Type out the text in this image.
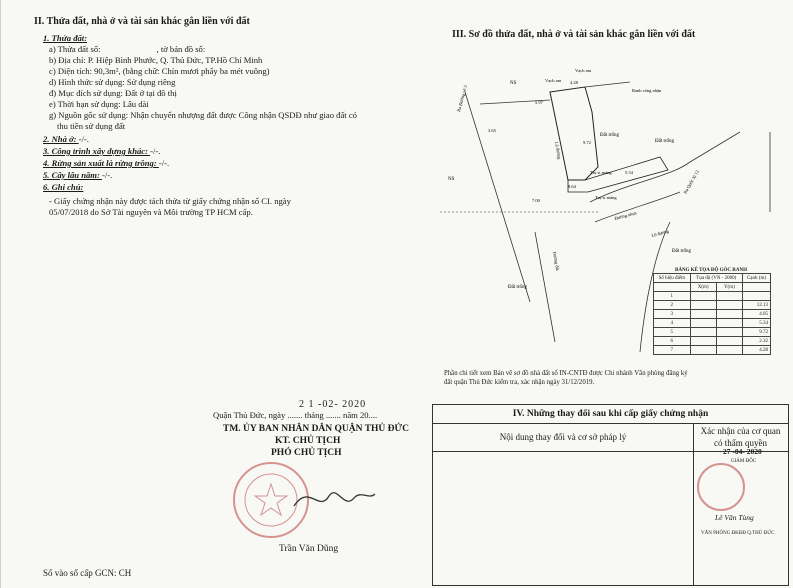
II. Thửa đất, nhà ở và tài sản khác gắn liền với đất
1. Thửa đất:
a) Thửa đất số:	, tờ bản đồ số:
b) Địa chỉ: P. Hiệp Bình Phước, Q. Thủ Đức, TP.Hồ Chí Minh
c) Diện tích: 90,3m², (bằng chữ: Chín mươi phẩy ba mét vuông)
d) Hình thức sử dụng: Sử dụng riêng
đ) Mục đích sử dụng: Đất ở tại đô thị
e) Thời hạn sử dụng: Lâu dài
g) Nguồn gốc sử dụng: Nhận chuyển nhượng đất được Công nhận QSDĐ như giao đất có
thu tiền sử dụng đất
2. Nhà ở: -/-.
3. Công trình xây dựng khác: -/-.
4. Rừng sản xuất là rừng trồng: -/-.
5. Cây lâu năm: -/-.
6. Ghi chú:
- Giấy chứng nhận này được tách thửa từ giấy chứng nhận số CI. ngày
05/07/2018 do Sở Tài nguyên và Môi trường TP HCM cấp.
2 1 -02- 2020
Quận Thủ Đức, ngày ....... tháng ....... năm 20....
TM. ỦY BAN NHÂN DÂN QUẬN THỦ ĐỨC
KT. CHỦ TỊCH
PHÓ CHỦ TỊCH
Trần Văn Dũng
Số vào sổ cấp GCN: CH
III. Sơ đồ thửa đất, nhà ở và tài sản khác gắn liền với đất
NS
NS
Vạch am
Vạch am
Ranh công nhận
Đất trống
Đất trống
Đất trống
Đất trống
Lộ đường
Lộ đường
Trụ si măng
Trụ si măng
Đường nhựa
Đường đất
Ra Quốc lộ 13
Ra Đường số 5
4.28
5.97
3.65
9.72
8.64
7.00
5.34
BẢNG KÊ TỌA ĐỘ GÓC RANH
Số hiệu điểm	Tọa độ (VN - 2000)		Cạnh (m)
	X(m)	Y(m)	
1			
2			12.13
3			4.05
4			5.34
5			9.72
6			2.32
7			4.28
Phần chi tiết xem Bản vẽ sơ đồ nhà đất số IN-CNTĐ được Chi nhánh Văn phòng đăng ký
đất quận Thủ Đức kiểm tra, xác nhận ngày 31/12/2019.
IV. Những thay đổi sau khi cấp giấy chứng nhận
Nội dung thay đổi và cơ sở pháp lý
Xác nhận của cơ quan
có thẩm quyền
27 -04- 2020
GIÁM ĐỐC
Lê Văn Tùng
VĂN PHÒNG ĐKĐĐ Q.THỦ ĐỨC
